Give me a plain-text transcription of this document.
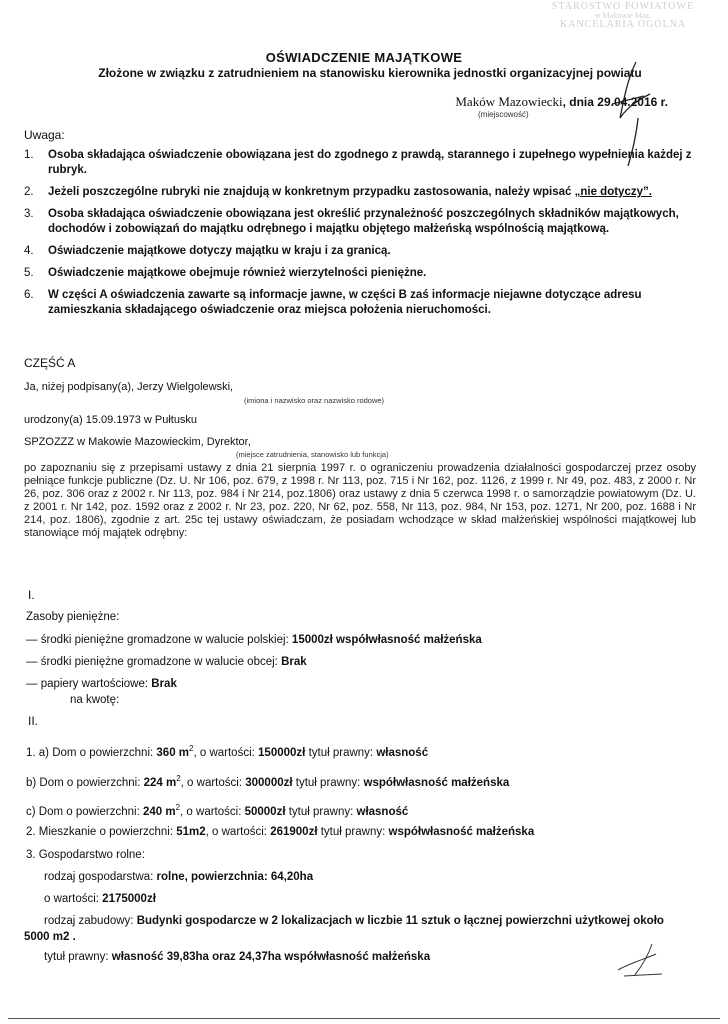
STAROSTWO POWIATOWE
w Makowie Maz.
KANCELARIA OGÓLNA
OŚWIADCZENIE MAJĄTKOWE
Złożone w związku z zatrudnieniem na stanowisku kierownika jednostki organizacyjnej powiatu
Maków Mazowiecki, dnia 29.04.2016 r.
(miejscowość)
Uwaga:
1. Osoba składająca oświadczenie obowiązana jest do zgodnego z prawdą, starannego i zupełnego wypełnienia każdej z rubryk.
2. Jeżeli poszczególne rubryki nie znajdują w konkretnym przypadku zastosowania, należy wpisać „nie dotyczy”.
3. Osoba składająca oświadczenie obowiązana jest określić przynależność poszczególnych składników majątkowych, dochodów i zobowiązań do majątku odrębnego i majątku objętego małżeńską wspólnością majątkową.
4. Oświadczenie majątkowe dotyczy majątku w kraju i za granicą.
5. Oświadczenie majątkowe obejmuje również wierzytelności pieniężne.
6. W części A oświadczenia zawarte są informacje jawne, w części B zaś informacje niejawne dotyczące adresu zamieszkania składającego oświadczenie oraz miejsca położenia nieruchomości.
CZĘŚĆ A
Ja, niżej podpisany(a), Jerzy Wielgolewski,
(imiona i nazwisko oraz nazwisko rodowe)
urodzony(a) 15.09.1973 w Pułtusku
SPZOZZZ w Makowie Mazowieckim, Dyrektor,
(miejsce zatrudnienia, stanowisko lub funkcja)
po zapoznaniu się z przepisami ustawy z dnia 21 sierpnia 1997 r. o ograniczeniu prowadzenia działalności gospodarczej przez osoby pełniące funkcje publiczne (Dz. U. Nr 106, poz. 679, z 1998 r. Nr 113, poz. 715 i Nr 162, poz. 1126, z 1999 r. Nr 49, poz. 483, z 2000 r. Nr 26, poz. 306 oraz z 2002 r. Nr 113, poz. 984 i Nr 214, poz.1806) oraz ustawy z dnia 5 czerwca 1998 r. o samorządzie powiatowym (Dz. U. z 2001 r. Nr 142, poz. 1592 oraz z 2002 r. Nr 23, poz. 220, Nr 62, poz. 558, Nr 113, poz. 984, Nr 153, poz. 1271, Nr 200, poz. 1688 i Nr 214, poz. 1806), zgodnie z art. 25c tej ustawy oświadczam, że posiadam wchodzące w skład małżeńskiej wspólności majątkowej lub stanowiące mój majątek odrębny:
I.
Zasoby pieniężne:
— środki pieniężne gromadzone w walucie polskiej: 15000zł współwłasność małżeńska
— środki pieniężne gromadzone w walucie obcej: Brak
— papiery wartościowe: Brak
na kwotę:
II.
1. a) Dom o powierzchni: 360 $m^2$, o wartości: 150000zł tytuł prawny: własność
b) Dom o powierzchni: 224 $m^2$, o wartości: 300000zł tytuł prawny: współwłasność małżeńska
c) Dom o powierzchni: 240 $m^2$, o wartości: 50000zł tytuł prawny: własność
2. Mieszkanie o powierzchni: 51m2, o wartości: 261900zł tytuł prawny: współwłasność małżeńska
3. Gospodarstwo rolne:
rodzaj gospodarstwa: rolne, powierzchnia: 64,20ha
o wartości: 2175000zł
rodzaj zabudowy: Budynki gospodarcze w 2 lokalizacjach w liczbie 11 sztuk o łącznej powierzchni użytkowej około
5000 m2 .
tytuł prawny: własność 39,83ha oraz 24,37ha współwłasność małżeńska
